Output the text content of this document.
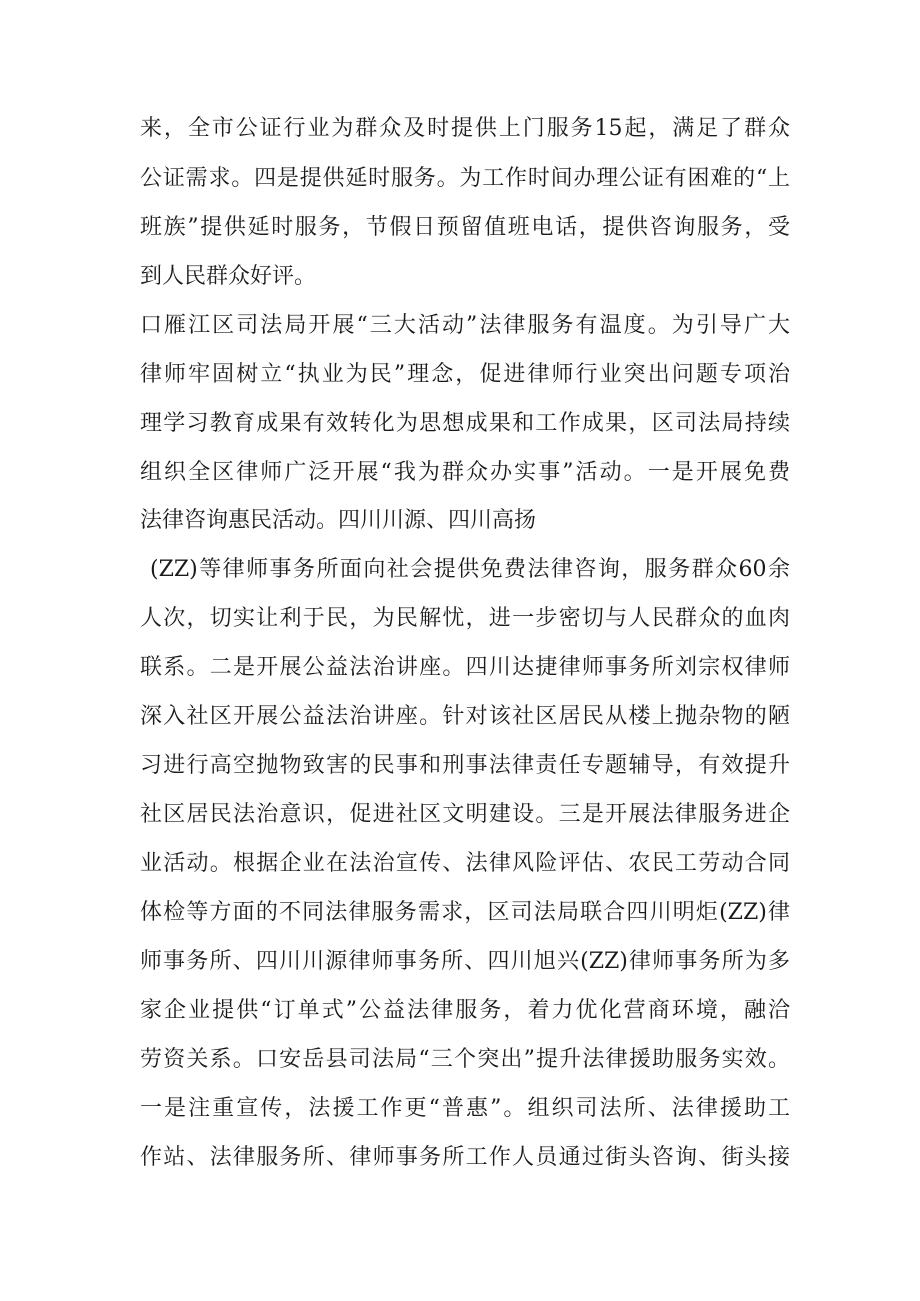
来，全市公证行业为群众及时提供上门服务15起，满足了群众
公证需求。四是提供延时服务。为工作时间办理公证有困难的“上
班族”提供延时服务，节假日预留值班电话，提供咨询服务，受
到人民群众好评。
口雁江区司法局开展“三大活动”法律服务有温度。为引导广大
律师牢固树立“执业为民”理念，促进律师行业突出问题专项治
理学习教育成果有效转化为思想成果和工作成果，区司法局持续
组织全区律师广泛开展“我为群众办实事”活动。一是开展免费
法律咨询惠民活动。四川川源、四川高扬
(ZZ)等律师事务所面向社会提供免费法律咨询，服务群众60余
人次，切实让利于民，为民解忧，进一步密切与人民群众的血肉
联系。二是开展公益法治讲座。四川达捷律师事务所刘宗权律师
深入社区开展公益法治讲座。针对该社区居民从楼上抛杂物的陋
习进行高空抛物致害的民事和刑事法律责任专题辅导，有效提升
社区居民法治意识，促进社区文明建设。三是开展法律服务进企
业活动。根据企业在法治宣传、法律风险评估、农民工劳动合同
体检等方面的不同法律服务需求，区司法局联合四川明炬(ZZ)律
师事务所、四川川源律师事务所、四川旭兴(ZZ)律师事务所为多
家企业提供“订单式”公益法律服务，着力优化营商环境，融洽
劳资关系。口安岳县司法局“三个突出”提升法律援助服务实效。
一是注重宣传，法援工作更“普惠”。组织司法所、法律援助工
作站、法律服务所、律师事务所工作人员通过街头咨询、街头接
